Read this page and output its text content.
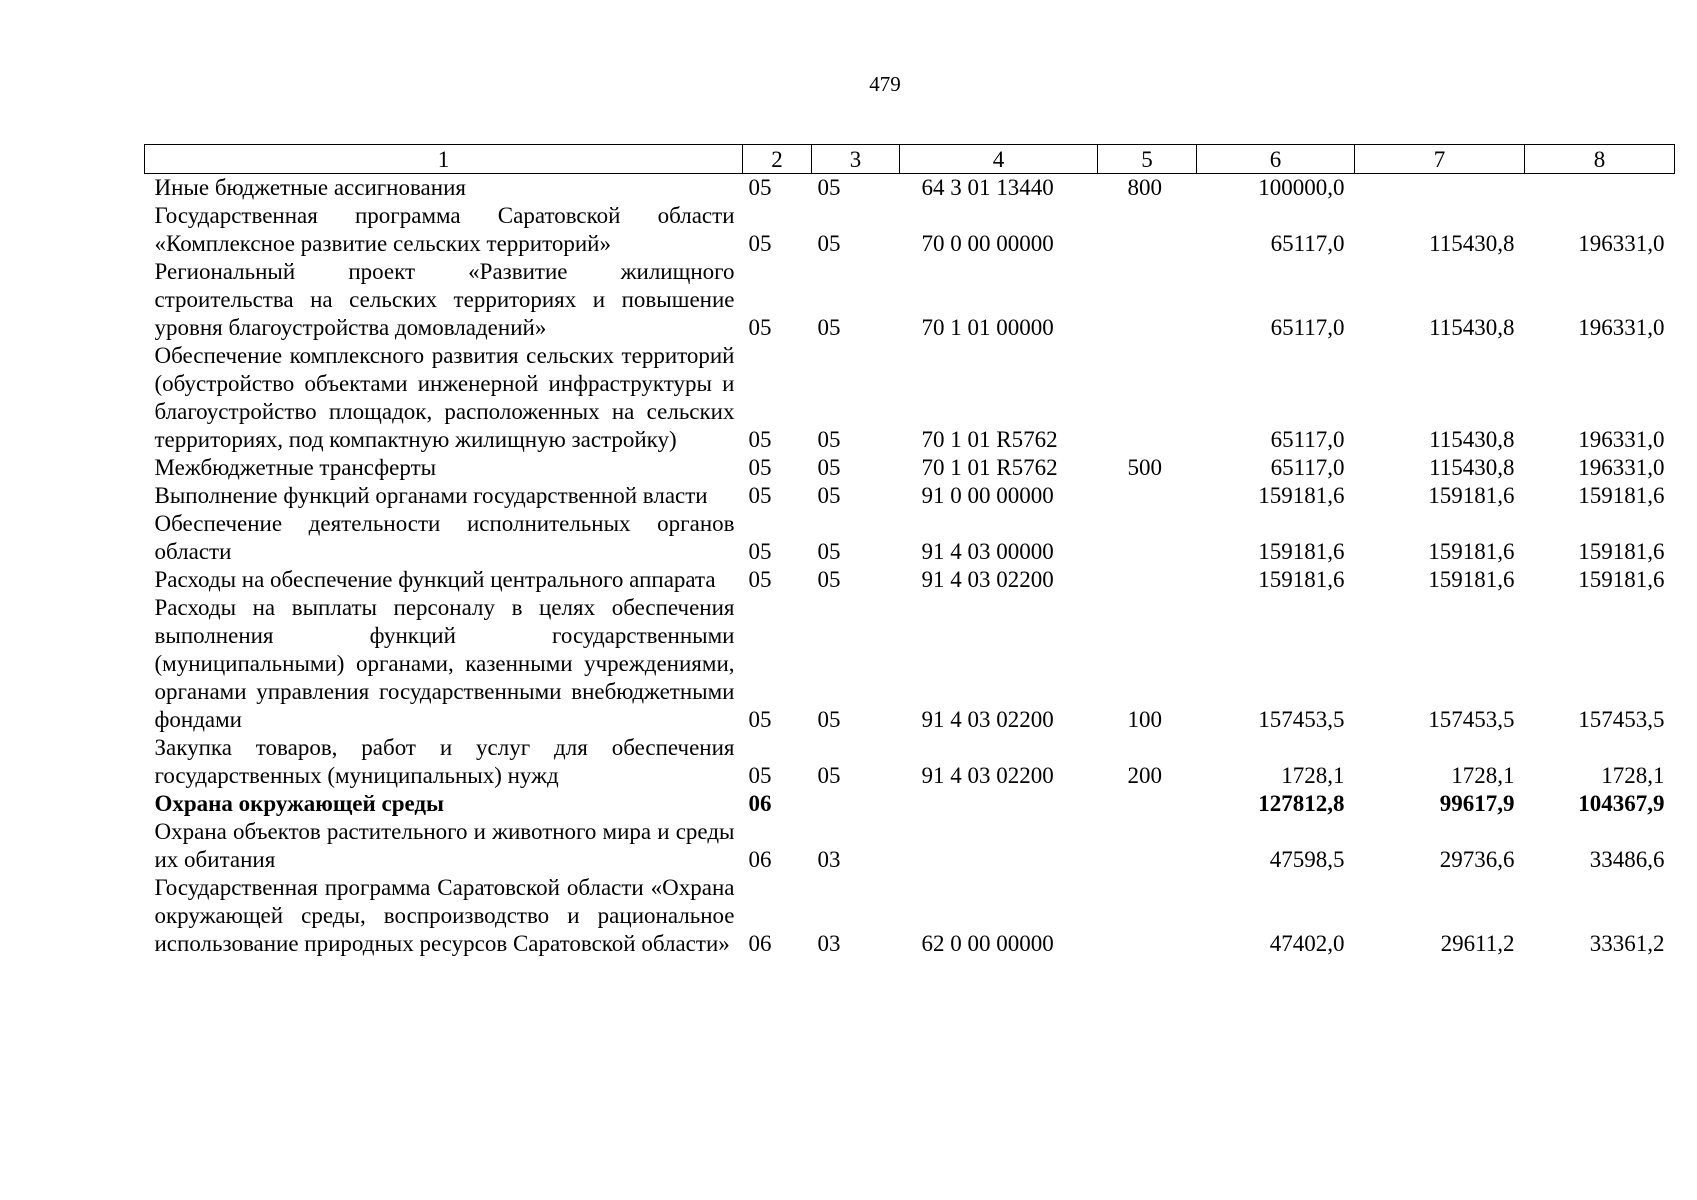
479
1	2	3	4	5	6	7	8
Иные бюджетные ассигнования	05	05	64 3 01 13440	800	100000,0		
Государственная программа Саратовской области «Комплексное развитие сельских территорий»	05	05	70 0 00 00000		65117,0	115430,8	196331,0
Региональный проект «Развитие жилищного строительства на сельских территориях и повышение уровня благоустройства домовладений»	05	05	70 1 01 00000		65117,0	115430,8	196331,0
Обеспечение комплексного развития сельских территорий (обустройство объектами инженерной инфраструктуры и благоустройство площадок, расположенных на сельских территориях, под компактную жилищную застройку)	05	05	70 1 01 R5762		65117,0	115430,8	196331,0
Межбюджетные трансферты	05	05	70 1 01 R5762	500	65117,0	115430,8	196331,0
Выполнение функций органами государственной власти	05	05	91 0 00 00000		159181,6	159181,6	159181,6
Обеспечение деятельности исполнительных органов области	05	05	91 4 03 00000		159181,6	159181,6	159181,6
Расходы на обеспечение функций центрального аппарата	05	05	91 4 03 02200		159181,6	159181,6	159181,6
Расходы на выплаты персоналу в целях обеспечения выполнения функций государственными (муниципальными) органами, казенными учреждениями, органами управления государственными внебюджетными фондами	05	05	91 4 03 02200	100	157453,5	157453,5	157453,5
Закупка товаров, работ и услуг для обеспечения государственных (муниципальных) нужд	05	05	91 4 03 02200	200	1728,1	1728,1	1728,1
Охрана окружающей среды	06				127812,8	99617,9	104367,9
Охрана объектов растительного и животного мира и среды их обитания	06	03			47598,5	29736,6	33486,6
Государственная программа Саратовской области «Охрана окружающей среды, воспроизводство и рациональное использование природных ресурсов Саратовской области»	06	03	62 0 00 00000		47402,0	29611,2	33361,2
